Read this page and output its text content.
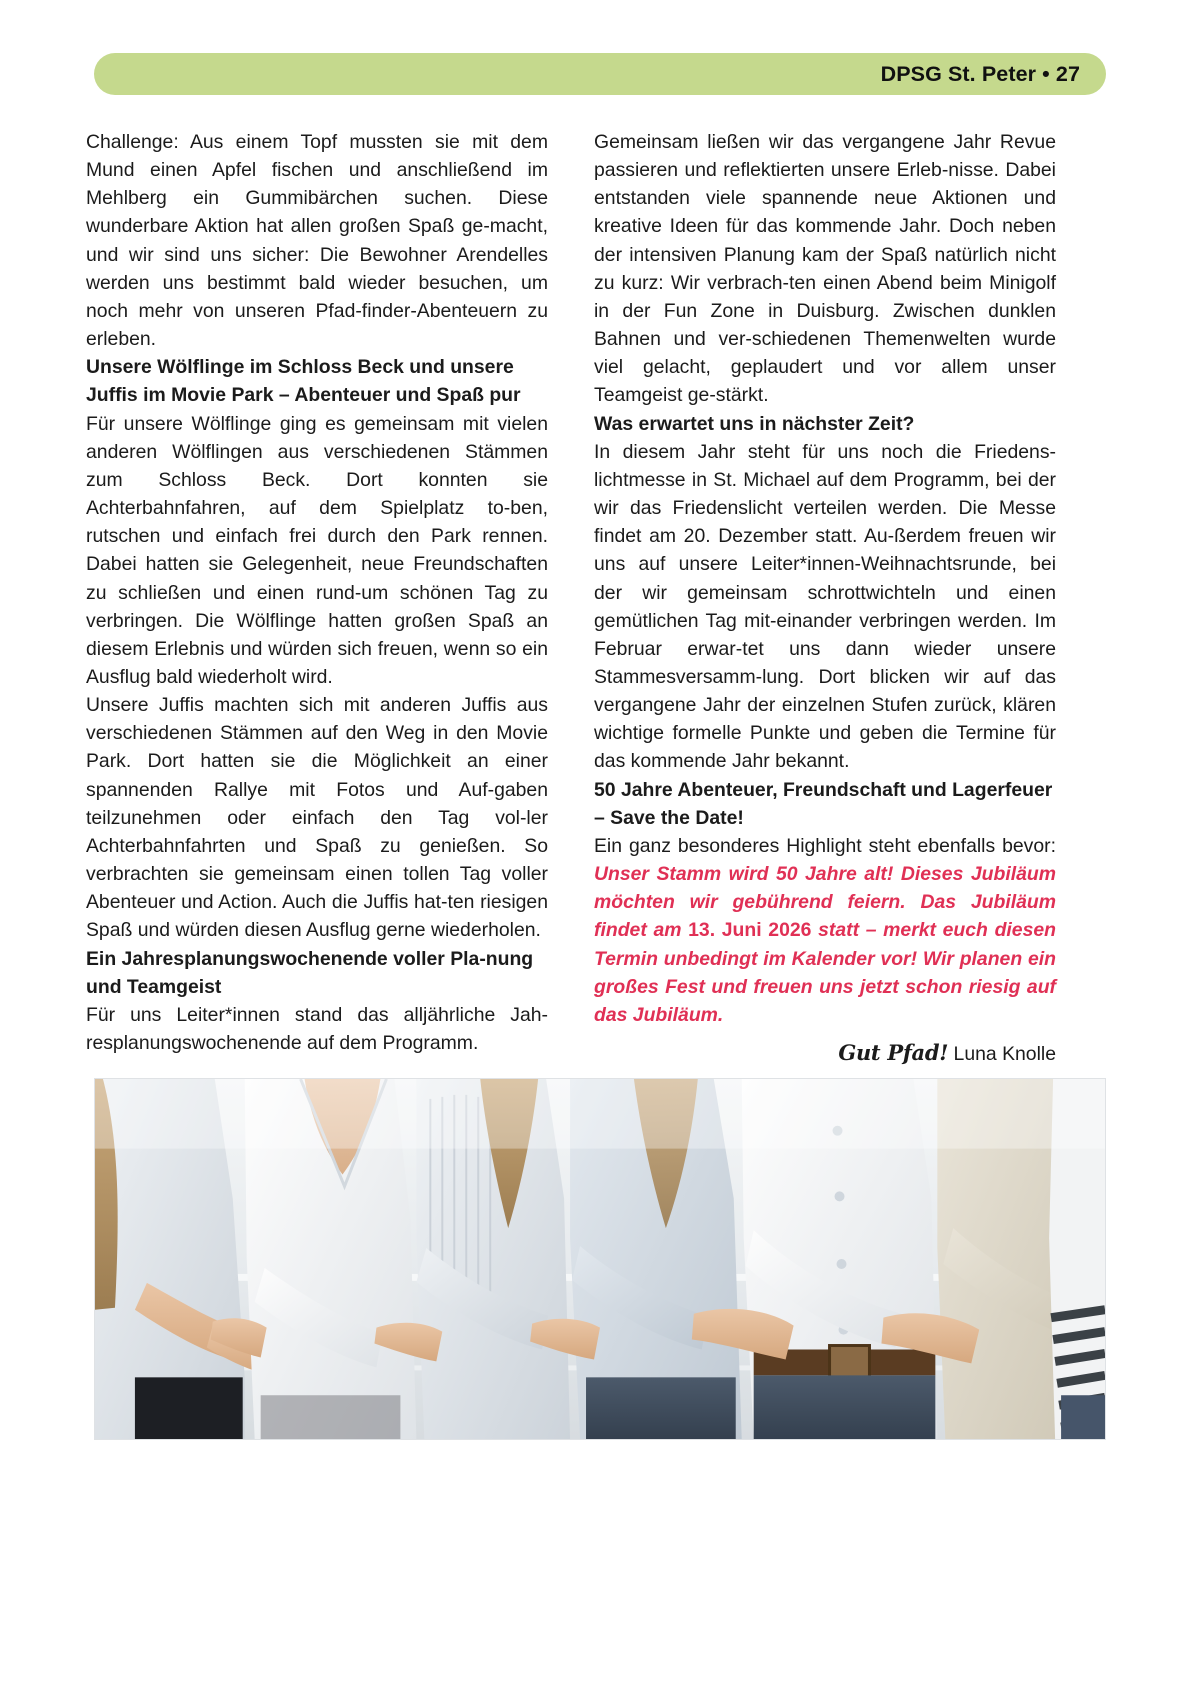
DPSG St. Peter • 27

Challenge: Aus einem Topf mussten sie mit dem Mund einen Apfel fischen und anschließend im Mehlberg ein Gummibärchen suchen. Diese wunderbare Aktion hat allen großen Spaß ge-macht, und wir sind uns sicher: Die Bewohner Arendelles werden uns bestimmt bald wieder besuchen, um noch mehr von unseren Pfad-finder-Abenteuern zu erleben.

Unsere Wölflinge im Schloss Beck und unsere Juffis im Movie Park – Abenteuer und Spaß pur

Für unsere Wölflinge ging es gemeinsam mit vielen anderen Wölflingen aus verschiedenen Stämmen zum Schloss Beck. Dort konnten sie Achterbahnfahren, auf dem Spielplatz to-ben, rutschen und einfach frei durch den Park rennen. Dabei hatten sie Gelegenheit, neue Freundschaften zu schließen und einen rund-um schönen Tag zu verbringen. Die Wölflinge hatten großen Spaß an diesem Erlebnis und würden sich freuen, wenn so ein Ausflug bald wiederholt wird.

Unsere Juffis machten sich mit anderen Juffis aus verschiedenen Stämmen auf den Weg in den Movie Park. Dort hatten sie die Möglichkeit an einer spannenden Rallye mit Fotos und Auf-gaben teilzunehmen oder einfach den Tag vol-ler Achterbahnfahrten und Spaß zu genießen. So verbrachten sie gemeinsam einen tollen Tag voller Abenteuer und Action. Auch die Juffis hat-ten riesigen Spaß und würden diesen Ausflug gerne wiederholen.

Ein Jahresplanungswochenende voller Pla-nung und Teamgeist

Für uns Leiter*innen stand das alljährliche Jah-resplanungswochenende auf dem Programm.

Gemeinsam ließen wir das vergangene Jahr Revue passieren und reflektierten unsere Erleb-nisse. Dabei entstanden viele spannende neue Aktionen und kreative Ideen für das kommende Jahr. Doch neben der intensiven Planung kam der Spaß natürlich nicht zu kurz: Wir verbrach-ten einen Abend beim Minigolf in der Fun Zone in Duisburg. Zwischen dunklen Bahnen und ver-schiedenen Themenwelten wurde viel gelacht, geplaudert und vor allem unser Teamgeist ge-stärkt.

Was erwartet uns in nächster Zeit?

In diesem Jahr steht für uns noch die Friedens-lichtmesse in St. Michael auf dem Programm, bei der wir das Friedenslicht verteilen werden. Die Messe findet am 20. Dezember statt. Au-ßerdem freuen wir uns auf unsere Leiter*innen-Weihnachtsrunde, bei der wir gemeinsam schrottwichteln und einen gemütlichen Tag mit-einander verbringen werden. Im Februar erwar-tet uns dann wieder unsere Stammesversamm-lung. Dort blicken wir auf das vergangene Jahr der einzelnen Stufen zurück, klären wichtige formelle Punkte und geben die Termine für das kommende Jahr bekannt.

50 Jahre Abenteuer, Freundschaft und Lagerfeuer – Save the Date!

Ein ganz besonderes Highlight steht ebenfalls bevor: Unser Stamm wird 50 Jahre alt! Dieses Jubiläum möchten wir gebührend feiern. Das Jubiläum findet am 13. Juni 2026 statt – merkt euch diesen Termin unbedingt im Kalender vor! Wir planen ein großes Fest und freuen uns jetzt schon riesig auf das Jubiläum.

Gut Pfad! Luna Knolle
